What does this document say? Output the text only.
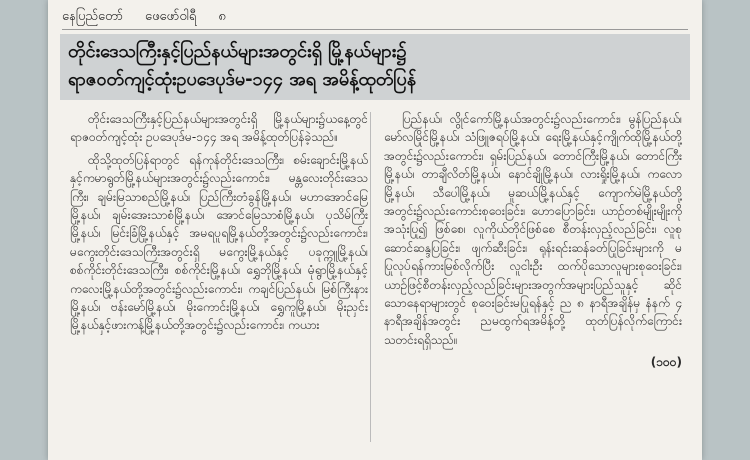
နေပြည်တော် ဖေဖော်ဝါရီ ၈
တိုင်းဒေသကြီးနှင့်ပြည်နယ်များအတွင်းရှိ မြို့နယ်များ၌
ရာဇဝတ်ကျင့်ထုံးဥပဒေပုဒ်မ-၁၄၄ အရ အမိန့်ထုတ်ပြန်

တိုင်းဒေသကြီးနှင့်ပြည်နယ်များအတွင်းရှိ မြို့နယ်များ၌ယနေ့တွင် ရာဇဝတ်ကျင့်ထုံး ဥပဒေပုဒ်မ-၁၄၄ အရ အမိန့်ထုတ်ပြန်ခဲ့သည်။

ထိုသို့ထုတ်ပြန်ရာတွင် ရန်ကုန်တိုင်းဒေသကြီး၊ စမ်းချောင်းမြို့နယ်နှင့်ကမာရွတ်မြို့နယ်များအတွင်း၌လည်းကောင်း၊ မန္တလေးတိုင်းဒေသကြီး၊ ချမ်းမြသာစည်မြို့နယ်၊ ပြည်ကြီးတံခွန်မြို့နယ်၊ မဟာအောင်မြေမြို့နယ်၊ ချမ်းအေးသာစံမြို့နယ်၊ အောင်မြေသာစံမြို့နယ်၊ ပုသိမ်ကြီးမြို့နယ်၊ မြင်းခြံမြို့နယ်နှင့် အမရပူရမြို့နယ်တို့အတွင်း၌လည်းကောင်း၊ မကွေးတိုင်းဒေသကြီးအတွင်းရှိ မကွေးမြို့နယ်နှင့် ပခုက္ကူမြို့နယ်၊ စစ်ကိုင်းတိုင်းဒေသကြီး၊ စစ်ကိုင်းမြို့နယ်၊ ရွှေဘိုမြို့နယ်၊ မုံရွာမြို့နယ်နှင့် ကလေးမြို့နယ်တို့အတွင်း၌လည်းကောင်း၊ ကချင်ပြည်နယ်၊ မြစ်ကြီးနားမြို့နယ်၊ ဗန်းမော်မြို့နယ်၊ မိုးကောင်းမြို့နယ်၊ ရွှေကူမြို့နယ်၊ မိုးညှင်းမြို့နယ်နှင့်ဖားကန့်မြို့နယ်တို့အတွင်း၌လည်းကောင်း၊ ကယား

ပြည်နယ်၊ လွိုင်ကော်မြို့နယ်အတွင်း၌လည်းကောင်း၊ မွန်ပြည်နယ်၊ မော်လမြိုင်မြို့နယ်၊ သံဖြူဇရပ်မြို့နယ်၊ ရေးမြို့နယ်နှင့်ကျိုက်ထိုမြို့နယ်တို့အတွင်း၌လည်းကောင်း၊ ရှမ်းပြည်နယ်၊ တောင်ကြီးမြို့နယ်၊ တောင်ကြီးမြို့နယ်၊ တာချီလိတ်မြို့နယ်၊ နောင်ချိုမြို့နယ်၊ လားရှိုးမြို့နယ်၊ ကလောမြို့နယ်၊ သီပေါမြို့နယ်၊ မူဆယ်မြို့နယ်နှင့် ကျောက်မဲမြို့နယ်တို့အတွင်း၌လည်းကောင်းစုဝေးခြင်း၊ ဟောပြောခြင်း၊ ယာဉ်တစ်မျိုးမျိုးကိုအသုံးပြု၍ ဖြစ်စေ၊ လူကိုယ်တိုင်ဖြစ်စေ စီတန်းလှည့်လည်ခြင်း၊ လူစုဆောင်ဆန္ဒပြခြင်း၊ ဖျက်ဆီးခြင်း၊ ရုန်းရင်းဆန်ခတ်ပြုခြင်းများကို မပြုလုပ်ရန်ကားမြစ်လိုက်ပြီး လူငါးဦး ထက်ပိုသောလူများစုဝေးခြင်း၊ ယာဉ်ဖြင့်စီတန်းလှည့်လည်ခြင်းများအတွက်အများပြည်သူနှင့် ဆိုင်သောနေရာများတွင် စုဝေးခြင်းမပြုရန်နှင့် ည ၈ နာရီအချိန်မှ နံနက် ၄ နာရီအချိန်အတွင်း ညမထွက်ရအမိန့်တို့ ထုတ်ပြန်လိုက်ကြောင်း သတင်းရရှိသည်။

(၁၀၀)
